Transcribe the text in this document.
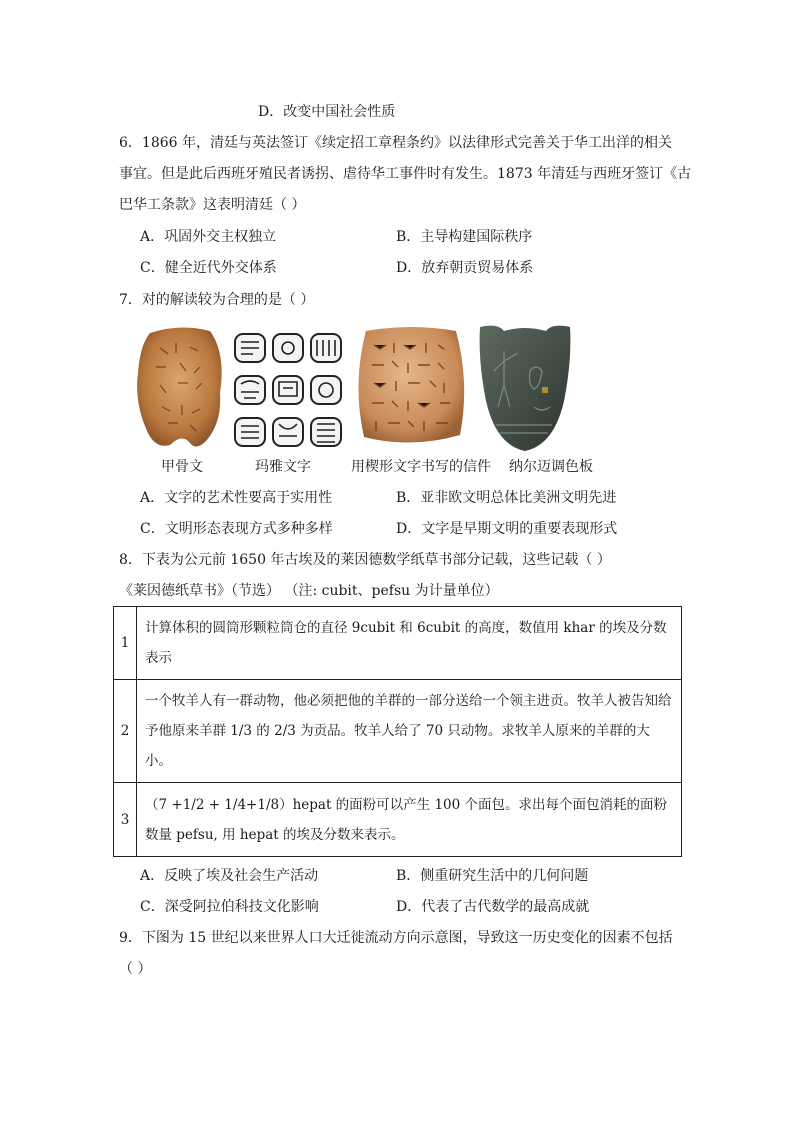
D．改变中国社会性质
6．1866 年，清廷与英法签订《续定招工章程条约》以法律形式完善关于华工出洋的相关
事宜。但是此后西班牙殖民者诱拐、虐待华工事件时有发生。1873 年清廷与西班牙签订《古
巴华工条款》这表明清廷（ ）
A．巩固外交主权独立	B．主导构建国际秩序
C．健全近代外交体系	D．放弃朝贡贸易体系
7．对的解读较为合理的是（ ）
甲骨文	玛雅文字	用楔形文字书写的信件 纳尔迈调色板
A．文字的艺术性要高于实用性	B．亚非欧文明总体比美洲文明先进
C．文明形态表现方式多种多样	D．文字是早期文明的重要表现形式
8．下表为公元前 1650 年古埃及的莱因德数学纸草书部分记载，这些记载（ ）
《莱因德纸草书》（节选） （注: cubit、pefsu 为计量单位）
1	计算体积的圆筒形颗粒筒仓的直径 9cubit 和 6cubit 的高度，数值用 khar 的埃及分数表示
2	一个牧羊人有一群动物，他必须把他的羊群的一部分送给一个领主进贡。牧羊人被告知给予他原来羊群 1/3 的 2/3 为贡品。牧羊人给了 70 只动物。求牧羊人原来的羊群的大小。
3	（7 +1/2 + 1/4+1/8）hepat 的面粉可以产生 100 个面包。求出每个面包消耗的面粉数量 pefsu, 用 hepat 的埃及分数来表示。
A．反映了埃及社会生产活动	B．侧重研究生活中的几何问题
C．深受阿拉伯科技文化影响	D．代表了古代数学的最高成就
9．下图为 15 世纪以来世界人口大迁徙流动方向示意图，导致这一历史变化的因素不包括
（ ）
